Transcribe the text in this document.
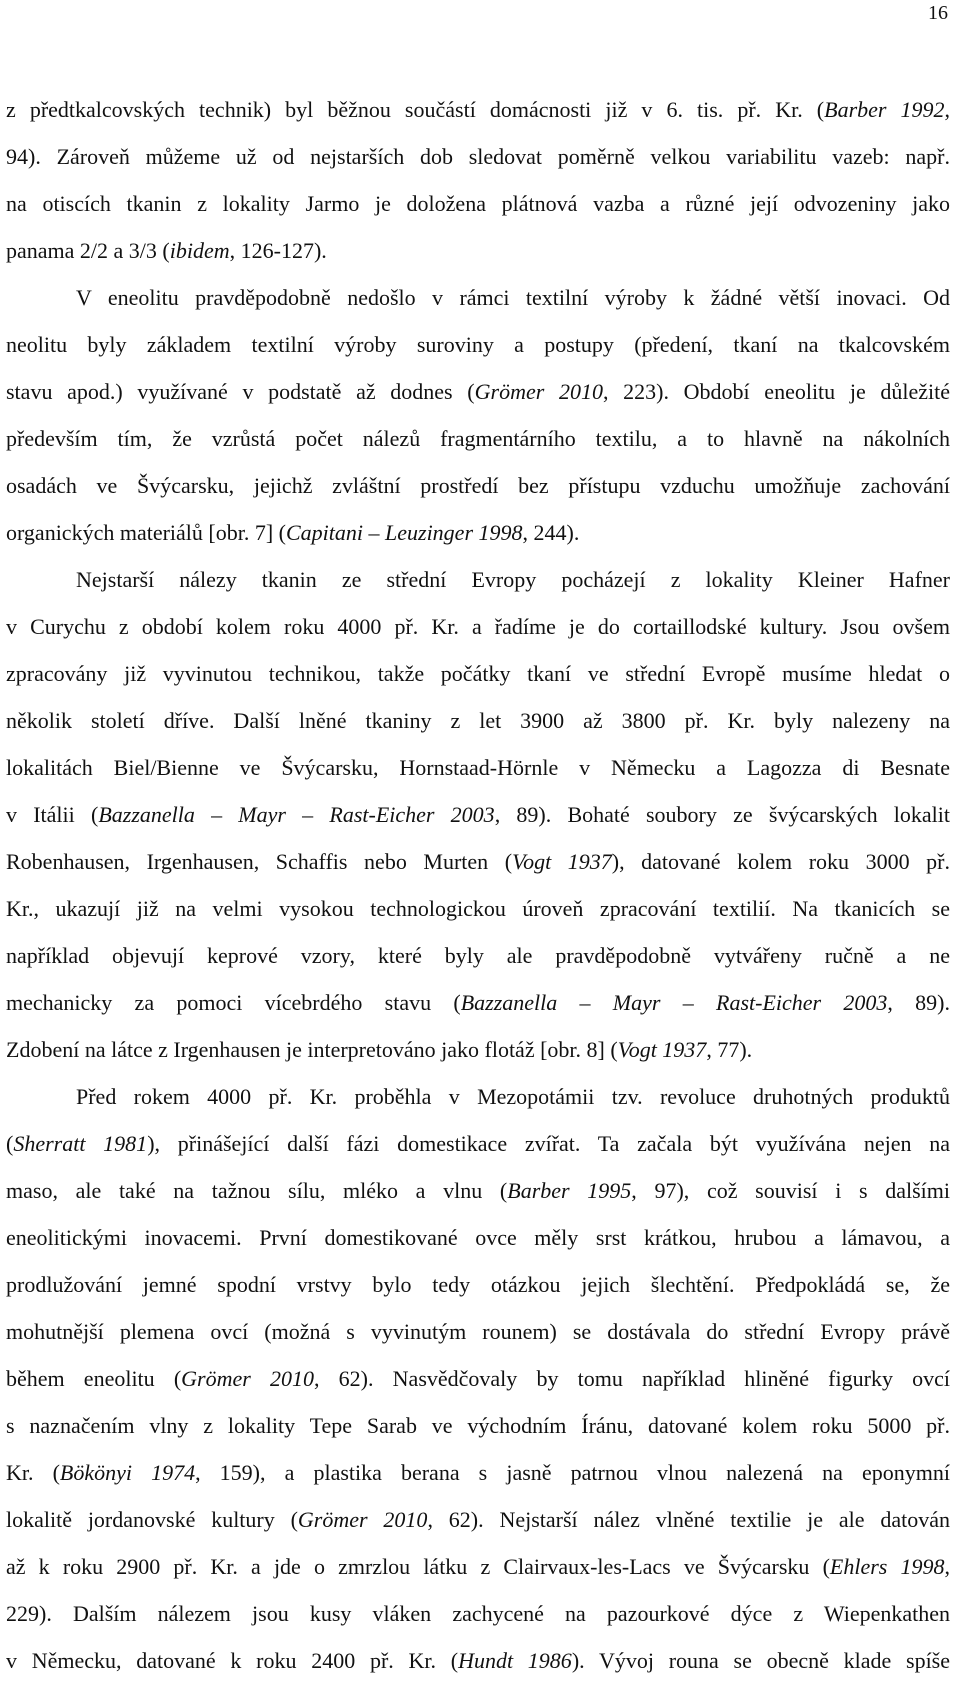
16
z předtkalcovských technik) byl běžnou součástí domácnosti již v 6. tis. př. Kr. (Barber 1992,
94). Zároveň můžeme už od nejstarších dob sledovat poměrně velkou variabilitu vazeb: např.
na otiscích tkanin z lokality Jarmo je doložena plátnová vazba a různé její odvozeniny jako
panama 2/2 a 3/3 (ibidem, 126-127).
V eneolitu pravděpodobně nedošlo v rámci textilní výroby k žádné větší inovaci. Od
neolitu byly základem textilní výroby suroviny a postupy (předení, tkaní na tkalcovském
stavu apod.) využívané v podstatě až dodnes (Grömer 2010, 223). Období eneolitu je důležité
především tím, že vzrůstá počet nálezů fragmentárního textilu, a to hlavně na nákolních
osadách ve Švýcarsku, jejichž zvláštní prostředí bez přístupu vzduchu umožňuje zachování
organických materiálů [obr. 7] (Capitani – Leuzinger 1998, 244).
Nejstarší nálezy tkanin ze střední Evropy pocházejí z lokality Kleiner Hafner
v Curychu z období kolem roku 4000 př. Kr. a řadíme je do cortaillodské kultury. Jsou ovšem
zpracovány již vyvinutou technikou, takže počátky tkaní ve střední Evropě musíme hledat o
několik století dříve. Další lněné tkaniny z let 3900 až 3800 př. Kr. byly nalezeny na
lokalitách Biel/Bienne ve Švýcarsku, Hornstaad-Hörnle v Německu a Lagozza di Besnate
v Itálii (Bazzanella – Mayr – Rast-Eicher 2003, 89). Bohaté soubory ze švýcarských lokalit
Robenhausen, Irgenhausen, Schaffis nebo Murten (Vogt 1937), datované kolem roku 3000 př.
Kr., ukazují již na velmi vysokou technologickou úroveň zpracování textilií. Na tkanicích se
například objevují keprové vzory, které byly ale pravděpodobně vytvářeny ručně a ne
mechanicky za pomoci vícebrdého stavu (Bazzanella – Mayr – Rast-Eicher 2003, 89).
Zdobení na látce z Irgenhausen je interpretováno jako flotáž [obr. 8] (Vogt 1937, 77).
Před rokem 4000 př. Kr. proběhla v Mezopotámii tzv. revoluce druhotných produktů
(Sherratt 1981), přinášející další fázi domestikace zvířat. Ta začala být využívána nejen na
maso, ale také na tažnou sílu, mléko a vlnu (Barber 1995, 97), což souvisí i s dalšími
eneolitickými inovacemi. První domestikované ovce měly srst krátkou, hrubou a lámavou, a
prodlužování jemné spodní vrstvy bylo tedy otázkou jejich šlechtění. Předpokládá se, že
mohutnější plemena ovcí (možná s vyvinutým rounem) se dostávala do střední Evropy právě
během eneolitu (Grömer 2010, 62). Nasvědčovaly by tomu například hliněné figurky ovcí
s naznačením vlny z lokality Tepe Sarab ve východním Íránu, datované kolem roku 5000 př.
Kr. (Bökönyi 1974, 159), a plastika berana s jasně patrnou vlnou nalezená na eponymní
lokalitě jordanovské kultury (Grömer 2010, 62). Nejstarší nález vlněné textilie je ale datován
až k roku 2900 př. Kr. a jde o zmrzlou látku z Clairvaux-les-Lacs ve Švýcarsku (Ehlers 1998,
229). Dalším nálezem jsou kusy vláken zachycené na pazourkové dýce z Wiepenkathen
v Německu, datované k roku 2400 př. Kr. (Hundt 1986). Vývoj rouna se obecně klade spíše
